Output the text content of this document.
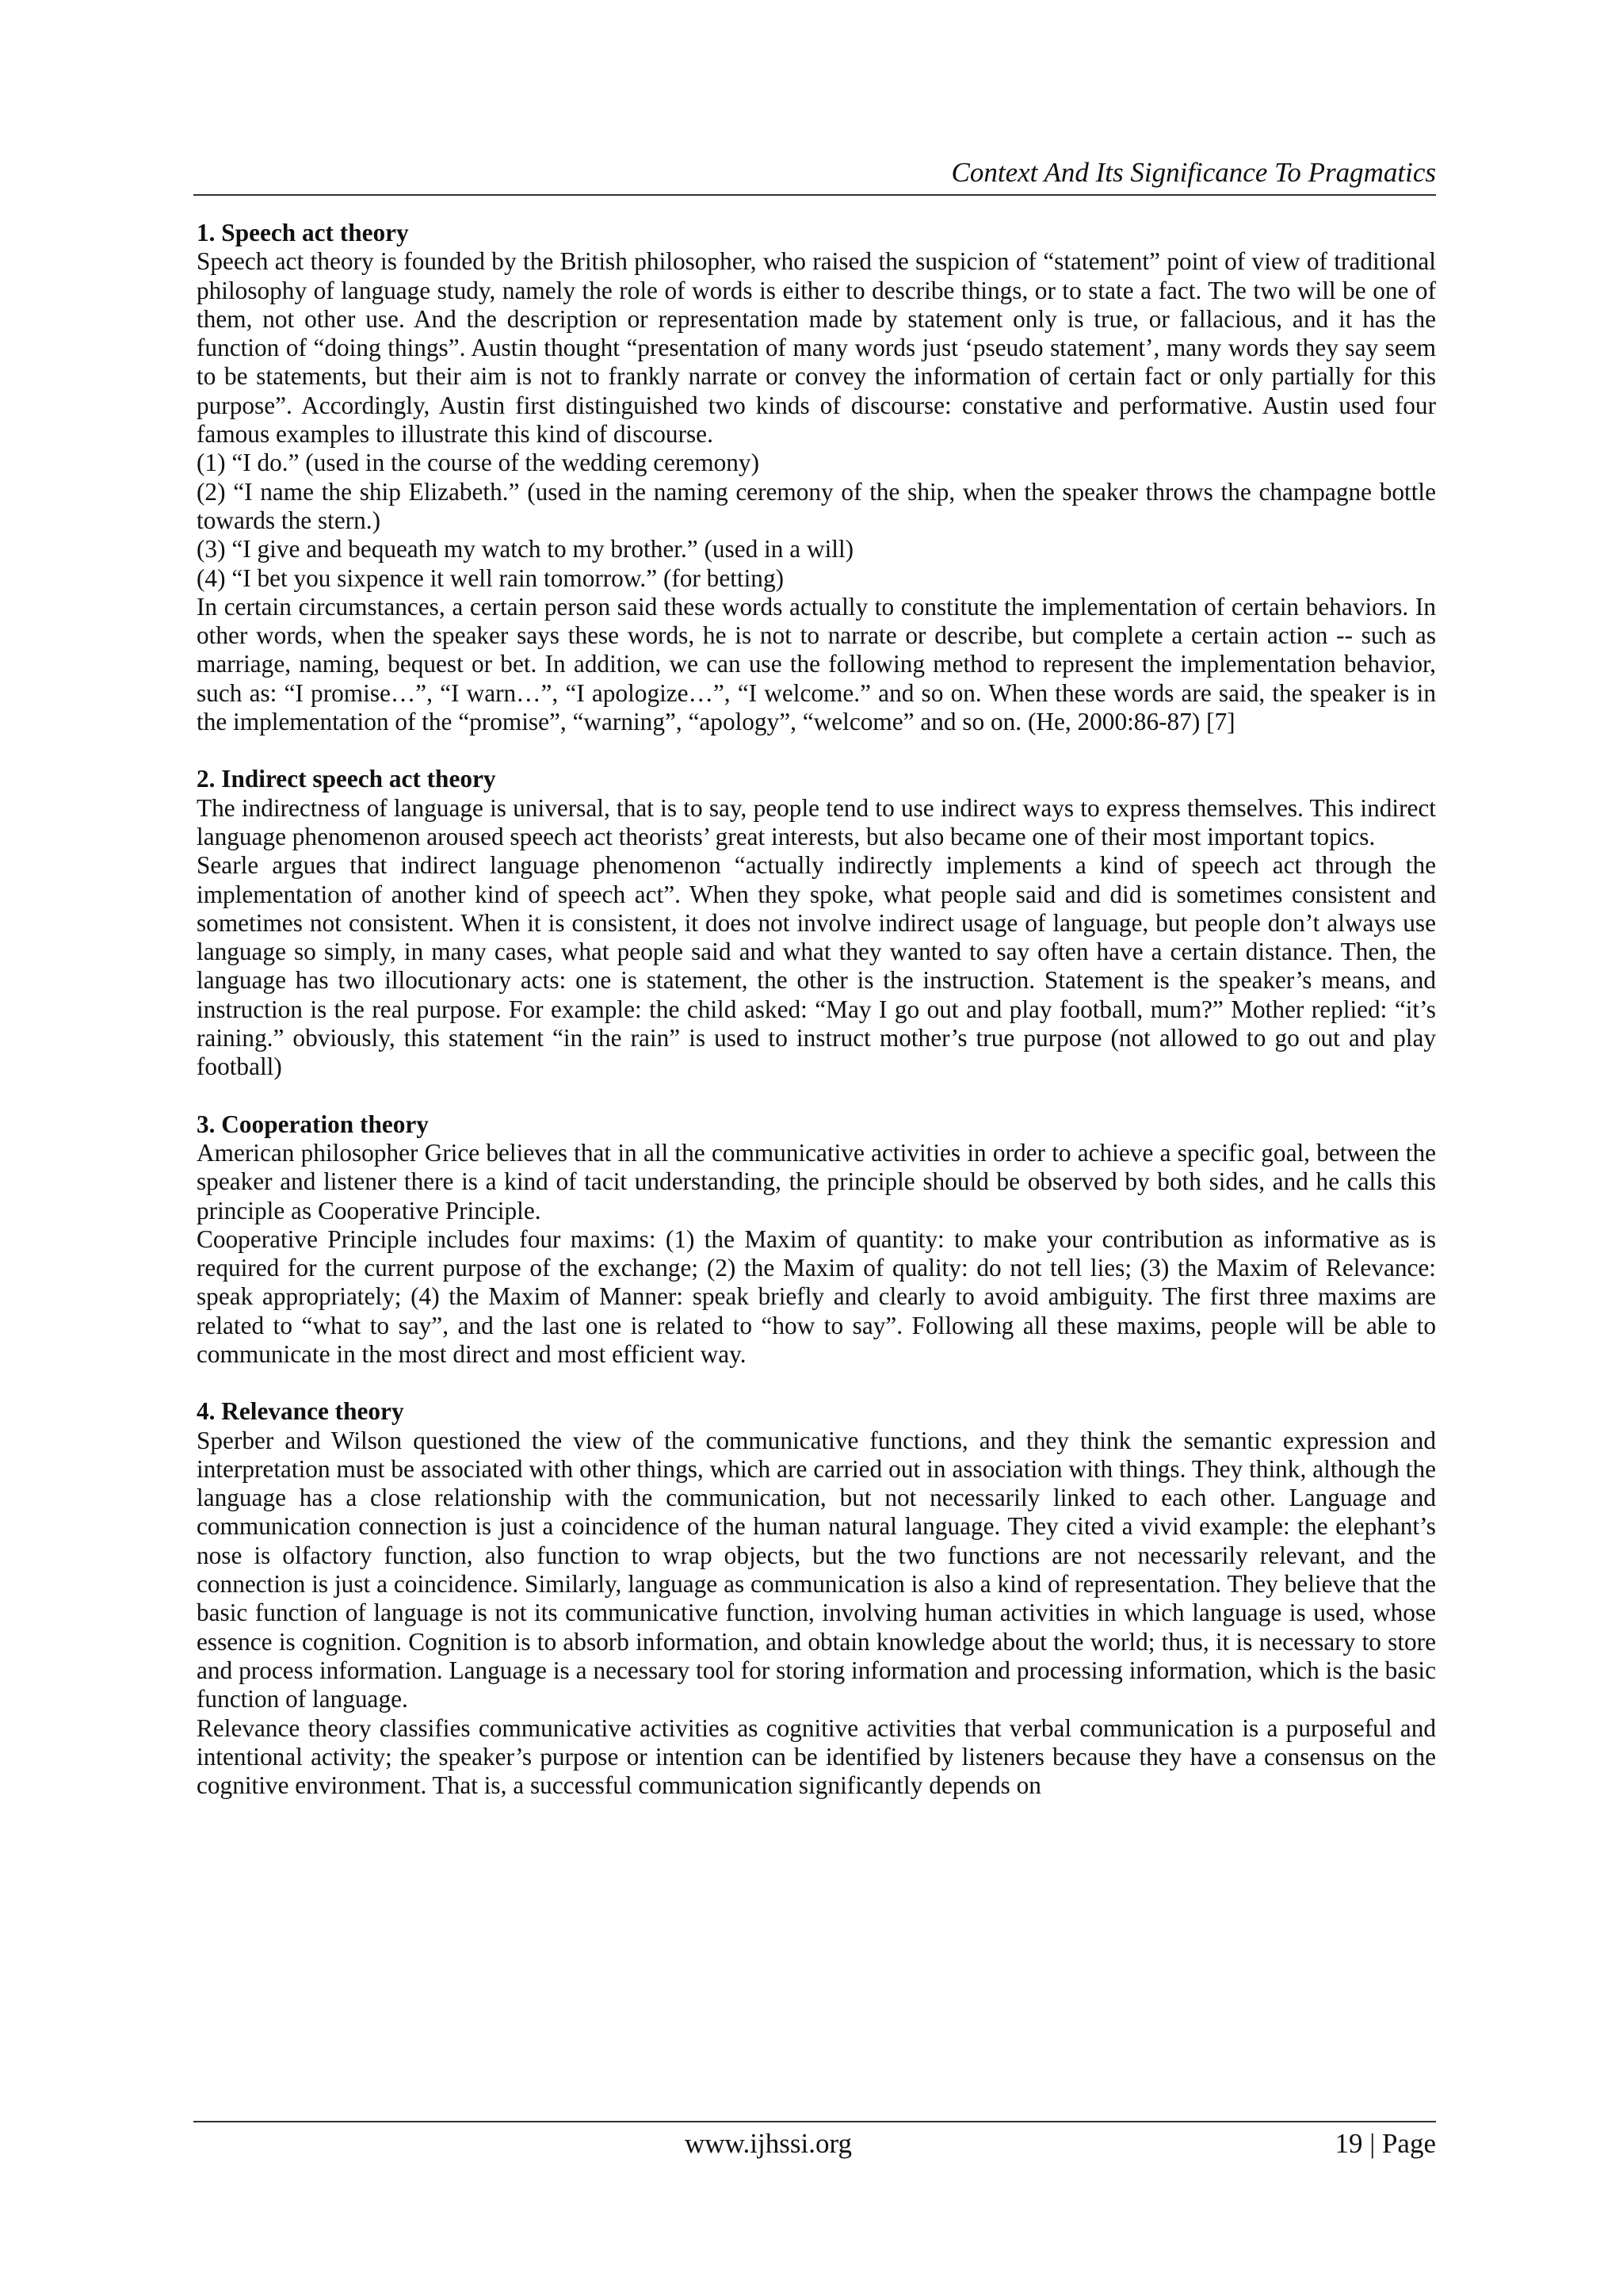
Context And Its Significance To Pragmatics
1. Speech act theory

Speech act theory is founded by the British philosopher, who raised the suspicion of “statement” point of view of traditional philosophy of language study, namely the role of words is either to describe things, or to state a fact. The two will be one of them, not other use. And the description or representation made by statement only is true, or fallacious, and it has the function of “doing things”. Austin thought “presentation of many words just ‘pseudo statement’, many words they say seem to be statements, but their aim is not to frankly narrate or convey the information of certain fact or only partially for this purpose”. Accordingly, Austin first distinguished two kinds of discourse: constative and performative. Austin used four famous examples to illustrate this kind of discourse.

(1) “I do.” (used in the course of the wedding ceremony)

(2) “I name the ship Elizabeth.” (used in the naming ceremony of the ship, when the speaker throws the champagne bottle towards the stern.)

(3) “I give and bequeath my watch to my brother.” (used in a will)

(4) “I bet you sixpence it well rain tomorrow.” (for betting)

In certain circumstances, a certain person said these words actually to constitute the implementation of certain behaviors. In other words, when the speaker says these words, he is not to narrate or describe, but complete a certain action -- such as marriage, naming, bequest or bet. In addition, we can use the following method to represent the implementation behavior, such as: “I promise…”, “I warn…”, “I apologize…”, “I welcome.” and so on. When these words are said, the speaker is in the implementation of the “promise”, “warning”, “apology”, “welcome” and so on. (He, 2000:86-87) [7]

2. Indirect speech act theory

The indirectness of language is universal, that is to say, people tend to use indirect ways to express themselves. This indirect language phenomenon aroused speech act theorists’ great interests, but also became one of their most important topics.

Searle argues that indirect language phenomenon “actually indirectly implements a kind of speech act through the implementation of another kind of speech act”. When they spoke, what people said and did is sometimes consistent and sometimes not consistent. When it is consistent, it does not involve indirect usage of language, but people don’t always use language so simply, in many cases, what people said and what they wanted to say often have a certain distance. Then, the language has two illocutionary acts: one is statement, the other is the instruction. Statement is the speaker’s means, and instruction is the real purpose. For example: the child asked: “May I go out and play football, mum?” Mother replied: “it’s raining.” obviously, this statement “in the rain” is used to instruct mother’s true purpose (not allowed to go out and play football)

3. Cooperation theory

American philosopher Grice believes that in all the communicative activities in order to achieve a specific goal, between the speaker and listener there is a kind of tacit understanding, the principle should be observed by both sides, and he calls this principle as Cooperative Principle.

Cooperative Principle includes four maxims: (1) the Maxim of quantity: to make your contribution as informative as is required for the current purpose of the exchange; (2) the Maxim of quality: do not tell lies; (3) the Maxim of Relevance: speak appropriately; (4) the Maxim of Manner: speak briefly and clearly to avoid ambiguity. The first three maxims are related to “what to say”, and the last one is related to “how to say”. Following all these maxims, people will be able to communicate in the most direct and most efficient way.

4. Relevance theory

Sperber and Wilson questioned the view of the communicative functions, and they think the semantic expression and interpretation must be associated with other things, which are carried out in association with things. They think, although the language has a close relationship with the communication, but not necessarily linked to each other. Language and communication connection is just a coincidence of the human natural language. They cited a vivid example: the elephant’s nose is olfactory function, also function to wrap objects, but the two functions are not necessarily relevant, and the connection is just a coincidence. Similarly, language as communication is also a kind of representation. They believe that the basic function of language is not its communicative function, involving human activities in which language is used, whose essence is cognition. Cognition is to absorb information, and obtain knowledge about the world; thus, it is necessary to store and process information. Language is a necessary tool for storing information and processing information, which is the basic function of language.

Relevance theory classifies communicative activities as cognitive activities that verbal communication is a purposeful and intentional activity; the speaker’s purpose or intention can be identified by listeners because they have a consensus on the cognitive environment. That is, a successful communication significantly depends on

www.ijhssi.org	19 | Page
